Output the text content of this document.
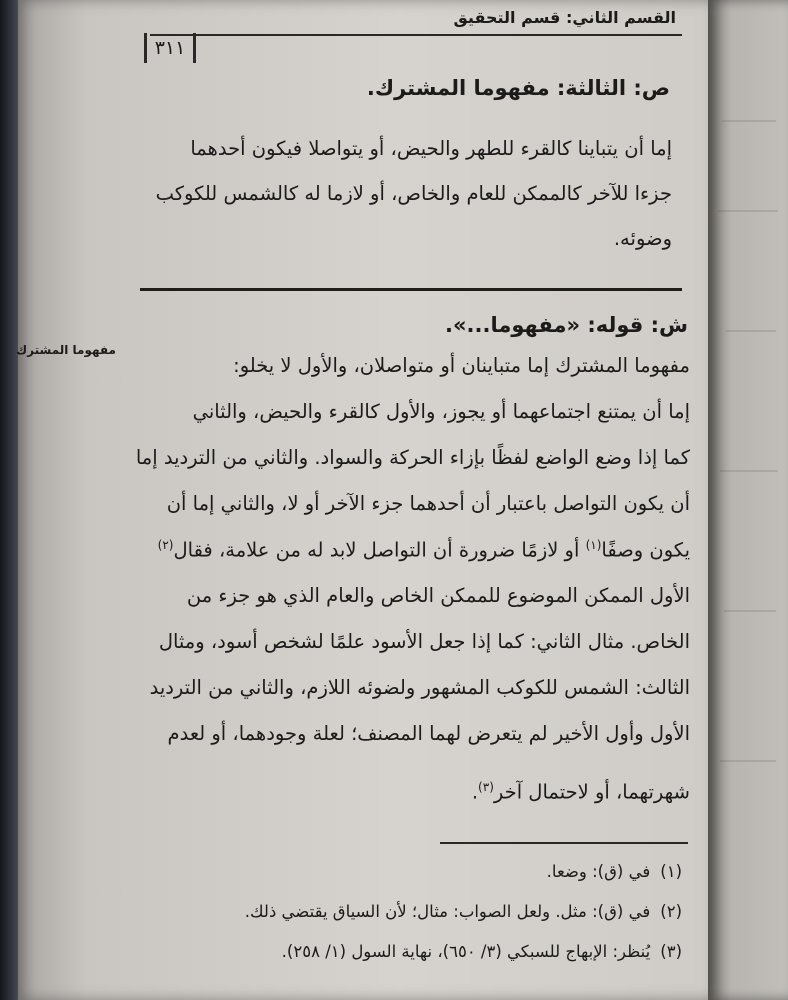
القسم الثاني: قسم التحقيق
٣١١
ص: الثالثة: مفهوما المشترك.
إما أن يتباينا كالقرء للطهر والحيض، أو يتواصلا فيكون أحدهما
جزءا للآخر كالممكن للعام والخاص، أو لازما له كالشمس للكوكب
وضوئه.
ش: قوله: «مفهوما...».
مفهوما المشترك
مفهوما المشترك إما متباينان أو متواصلان، والأول لا يخلو:
إما أن يمتنع اجتماعهما أو يجوز، والأول كالقرء والحيض، والثاني
كما إذا وضع الواضع لفظًا بإزاء الحركة والسواد. والثاني من الترديد إما
أن يكون التواصل باعتبار أن أحدهما جزء الآخر أو لا، والثاني إما أن
يكون وصفًا$^{(١)}$ أو لازمًا ضرورة أن التواصل لابد له من علامة، فقال$^{(٢)}$
الأول الممكن الموضوع للممكن الخاص والعام الذي هو جزء من
الخاص. مثال الثاني: كما إذا جعل الأسود علمًا لشخص أسود، ومثال
الثالث: الشمس للكوكب المشهور ولضوئه اللازم، والثاني من الترديد
الأول وأول الأخير لم يتعرض لهما المصنف؛ لعلة وجودهما، أو لعدم
شهرتهما، أو لاحتمال آخر$^{(٣)}$.
(١)في (ق): وضعا.
(٢)في (ق): مثل. ولعل الصواب: مثال؛ لأن السياق يقتضي ذلك.
(٣)يُنظر: الإبهاج للسبكي (٣/ ٦٥٠)، نهاية السول (١/ ٢٥٨).
